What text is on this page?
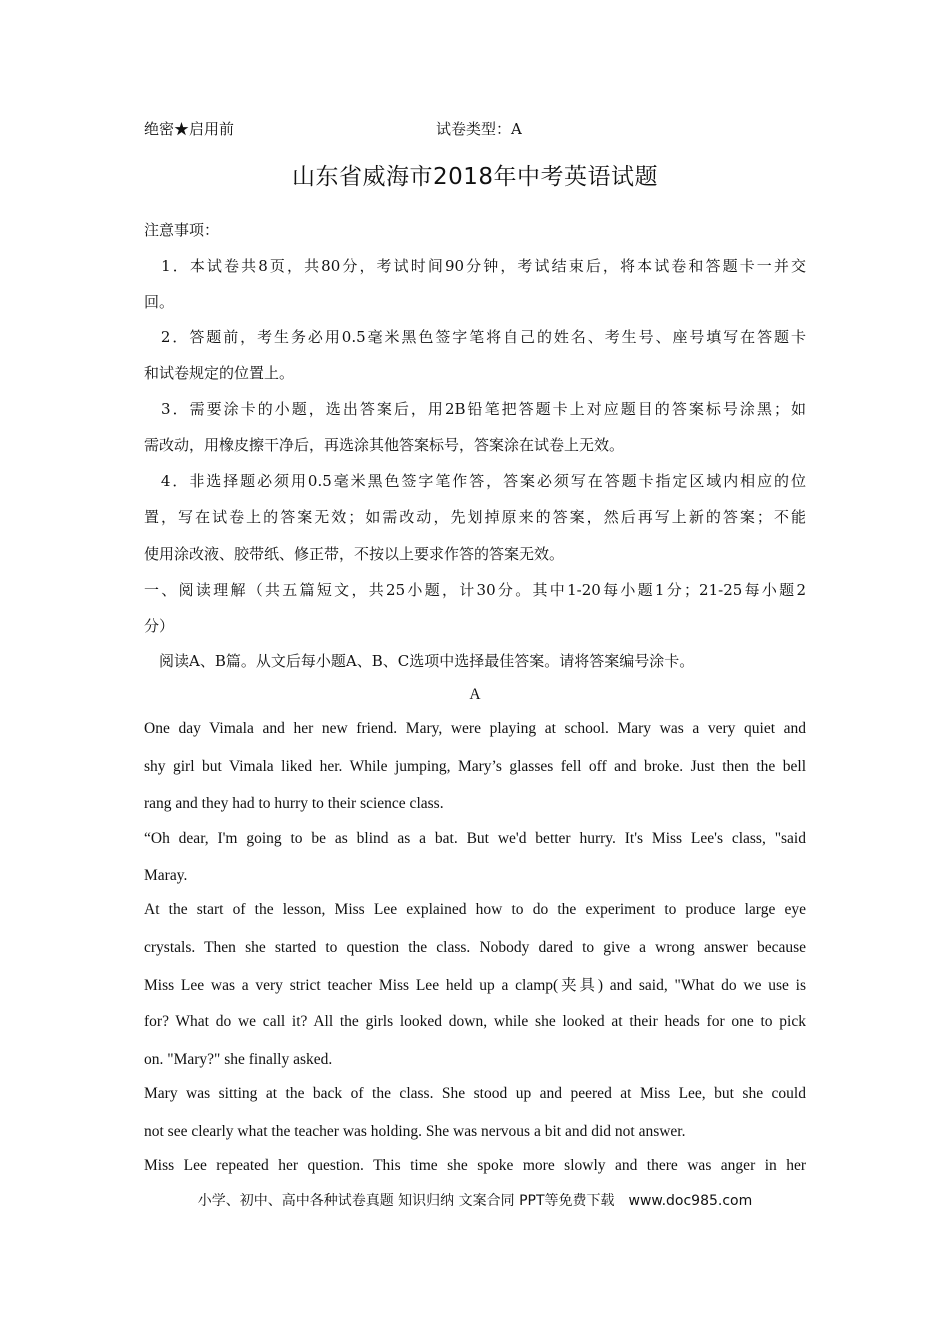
绝密★启用前	试卷类型：A
山东省威海市2018年中考英语试题

注意事项：

　1．本试卷共8页，共80分，考试时间90分钟，考试结束后，将本试卷和答题卡一并交

回。

　2．答题前，考生务必用0.5毫米黑色签字笔将自己的姓名、考生号、座号填写在答题卡

和试卷规定的位置上。

　3．需要涂卡的小题，选出答案后，用2B铅笔把答题卡上对应题目的答案标号涂黑；如

需改动，用橡皮擦干净后，再选涂其他答案标号，答案涂在试卷上无效。

　4．非选择题必须用0.5毫米黑色签字笔作答，答案必须写在答题卡指定区域内相应的位

置，写在试卷上的答案无效；如需改动，先划掉原来的答案，然后再写上新的答案；不能

使用涂改液、胶带纸、修正带，不按以上要求作答的答案无效。

一、阅读理解（共五篇短文，共25小题，计30分。其中1-20每小题1分；21-25每小题2

分）

　阅读A、B篇。从文后每小题A、B、C选项中选择最佳答案。请将答案编号涂卡。

A

One day Vimala and her new friend. Mary, were playing at school. Mary was a very quiet and

shy girl but Vimala liked her. While jumping, Mary’s glasses fell off and broke. Just then the bell

rang and they had to hurry to their science class.

“Oh dear, I'm going to be as blind as a bat. But we'd better hurry. It's Miss Lee's class, "said

Maray.

At the start of the lesson, Miss Lee explained how to do the experiment to produce large eye

crystals. Then she started to question the class. Nobody dared to give a wrong answer because

Miss Lee was a very strict teacher Miss Lee held up a clamp(夹具) and said, "What do we use is

for? What do we call it? All the girls looked down, while she looked at their heads for one to pick

on. "Mary?" she finally asked.

Mary was sitting at the back of the class. She stood up and peered at Miss Lee, but she could

not see clearly what the teacher was holding. She was nervous a bit and did not answer.

Miss Lee repeated her question. This time she spoke more slowly and there was anger in her

小学、初中、高中各种试卷真题 知识归纳 文案合同 PPT等免费下载　www.doc985.com
